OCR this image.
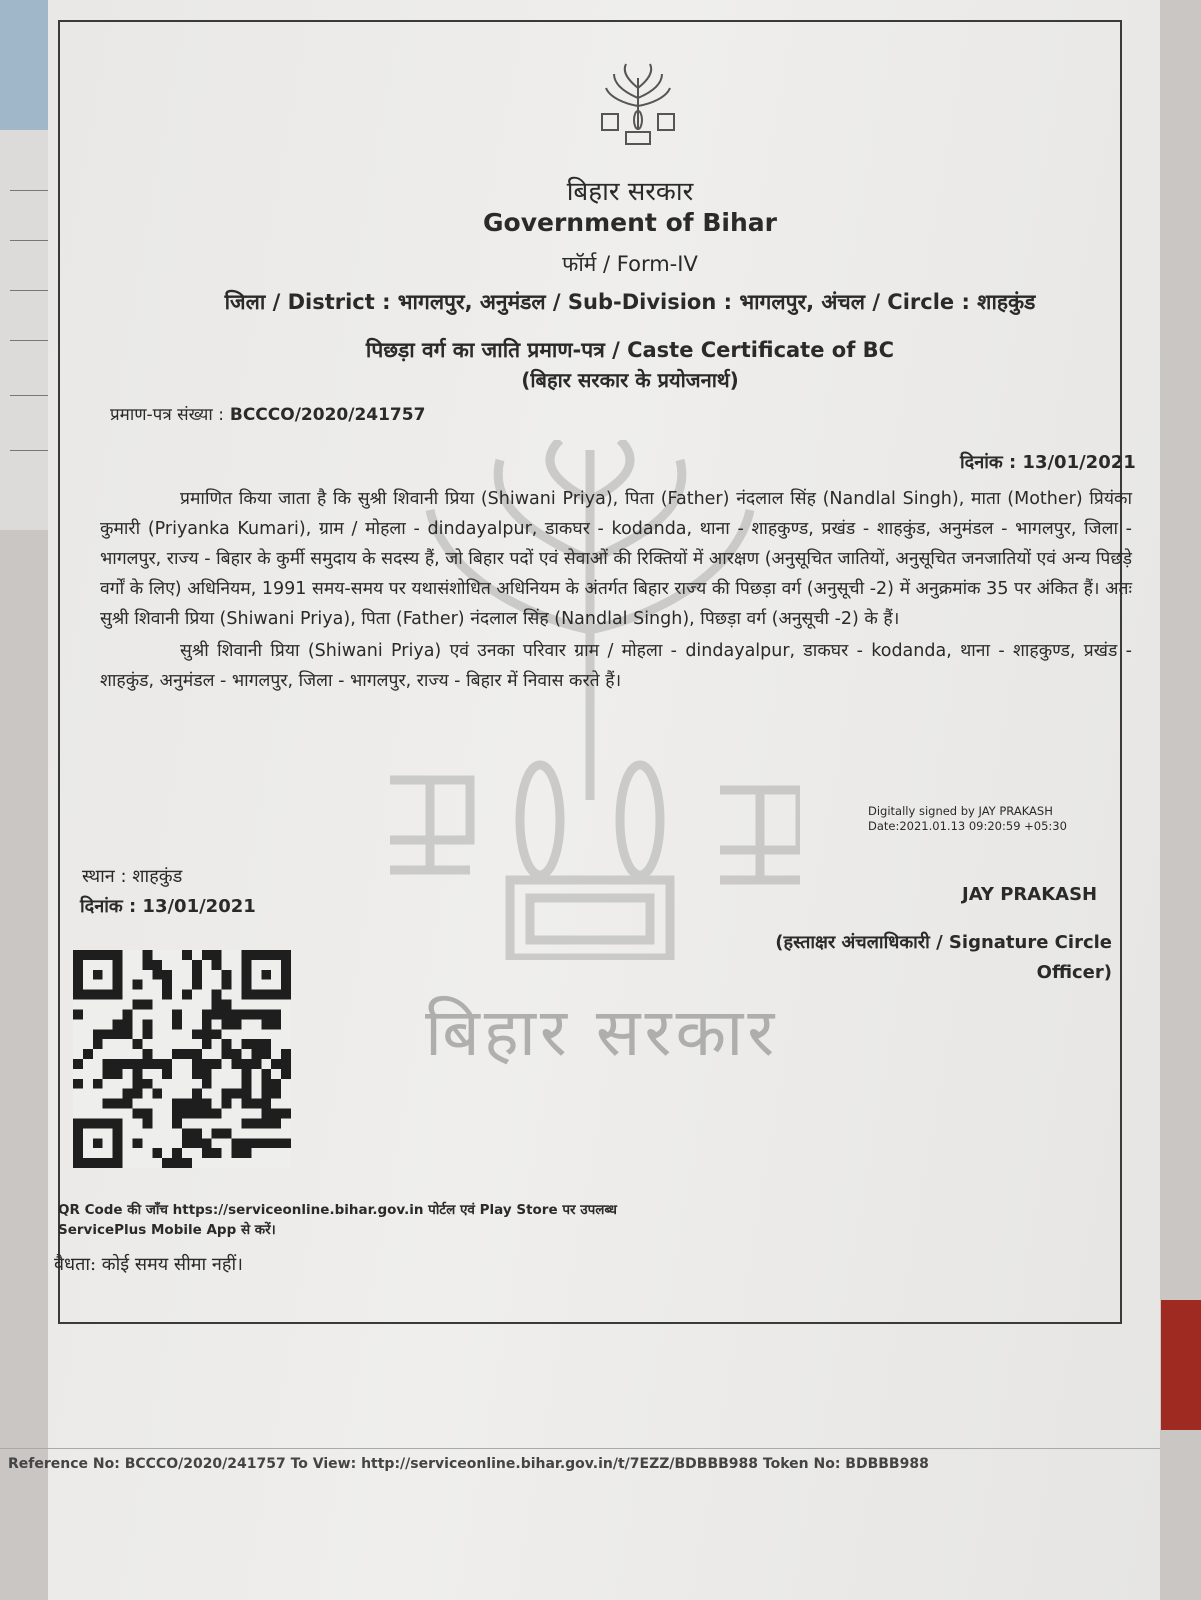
बिहार सरकार
बिहार सरकार
Government of Bihar
फॉर्म / Form-IV
जिला / District : भागलपुर, अनुमंडल / Sub-Division : भागलपुर, अंचल / Circle : शाहकुंड
पिछड़ा वर्ग का जाति प्रमाण-पत्र / Caste Certificate of BC
(बिहार सरकार के प्रयोजनार्थ)
प्रमाण-पत्र संख्या : BCCCO/2020/241757
दिनांक : 13/01/2021

प्रमाणित किया जाता है कि सुश्री शिवानी प्रिया (Shiwani Priya), पिता (Father) नंदलाल सिंह (Nandlal Singh), माता (Mother) प्रियंका कुमारी (Priyanka Kumari), ग्राम / मोहला - dindayalpur, डाकघर - kodanda, थाना - शाहकुण्ड, प्रखंड - शाहकुंड, अनुमंडल - भागलपुर, जिला - भागलपुर, राज्य - बिहार के कुर्मी समुदाय के सदस्य हैं, जो बिहार पदों एवं सेवाओं की रिक्तियों में आरक्षण (अनुसूचित जातियों, अनुसूचित जनजातियों एवं अन्य पिछड़े वर्गों के लिए) अधिनियम, 1991 समय-समय पर यथासंशोधित अधिनियम के अंतर्गत बिहार राज्य की पिछड़ा वर्ग (अनुसूची -2) में अनुक्रमांक 35 पर अंकित हैं। अतः सुश्री शिवानी प्रिया (Shiwani Priya), पिता (Father) नंदलाल सिंह (Nandlal Singh), पिछड़ा वर्ग (अनुसूची -2) के हैं।

सुश्री शिवानी प्रिया (Shiwani Priya) एवं उनका परिवार ग्राम / मोहला - dindayalpur, डाकघर - kodanda, थाना - शाहकुण्ड, प्रखंड - शाहकुंड, अनुमंडल - भागलपुर, जिला - भागलपुर, राज्य - बिहार में निवास करते हैं।

Digitally signed by JAY PRAKASH
Date:2021.01.13 09:20:59 +05:30
JAY PRAKASH
(हस्ताक्षर अंचलाधिकारी / Signature Circle Officer)
स्थान : शाहकुंड
दिनांक : 13/01/2021
QR Code की जाँच https://serviceonline.bihar.gov.in पोर्टल एवं Play Store पर उपलब्ध ServicePlus Mobile App से करें।
वैधता: कोई समय सीमा नहीं।
Reference No: BCCCO/2020/241757 To View: http://serviceonline.bihar.gov.in/t/7EZZ/BDBBB988 Token No: BDBBB988
